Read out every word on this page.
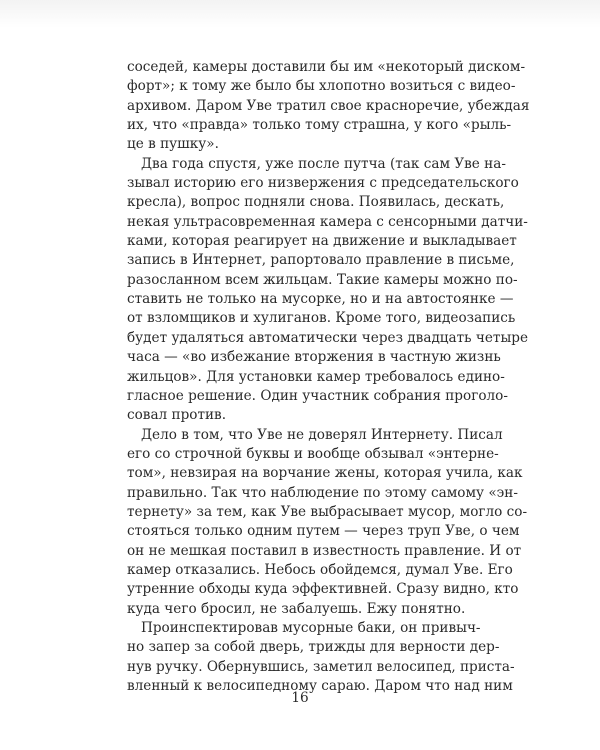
соседей, камеры доставили бы им «некоторый диском-
форт»; к тому же было бы хлопотно возиться с видео-
архивом. Даром Уве тратил свое красноречие, убеждая
их, что «правда» только тому страшна, у кого «рыль-
це в пушку».
Два года спустя, уже после путча (так сам Уве на-
зывал историю его низвержения с председательского
кресла), вопрос подняли снова. Появилась, дескать,
некая ультрасовременная камера с сенсорными датчи-
ками, которая реагирует на движение и выкладывает
запись в Интернет, рапортовало правление в письме,
разосланном всем жильцам. Такие камеры можно по-
ставить не только на мусорке, но и на автостоянке —
от взломщиков и хулиганов. Кроме того, видеозапись
будет удаляться автоматически через двадцать четыре
часа — «во избежание вторжения в частную жизнь
жильцов». Для установки камер требовалось едино-
гласное решение. Один участник собрания проголо-
совал против.
Дело в том, что Уве не доверял Интернету. Писал
его со строчной буквы и вообще обзывал «энтерне-
том», невзирая на ворчание жены, которая учила, как
правильно. Так что наблюдение по этому самому «эн-
тернету» за тем, как Уве выбрасывает мусор, могло со-
стояться только одним путем — через труп Уве, о чем
он не мешкая поставил в известность правление. И от
камер отказались. Небось обойдемся, думал Уве. Его
утренние обходы куда эффективней. Сразу видно, кто
куда чего бросил, не забалуешь. Ежу понятно.
Проинспектировав мусорные баки, он привыч-
но запер за собой дверь, трижды для верности дер-
нув ручку. Обернувшись, заметил велосипед, приста-
вленный к велосипедному сараю. Даром что над ним
16
